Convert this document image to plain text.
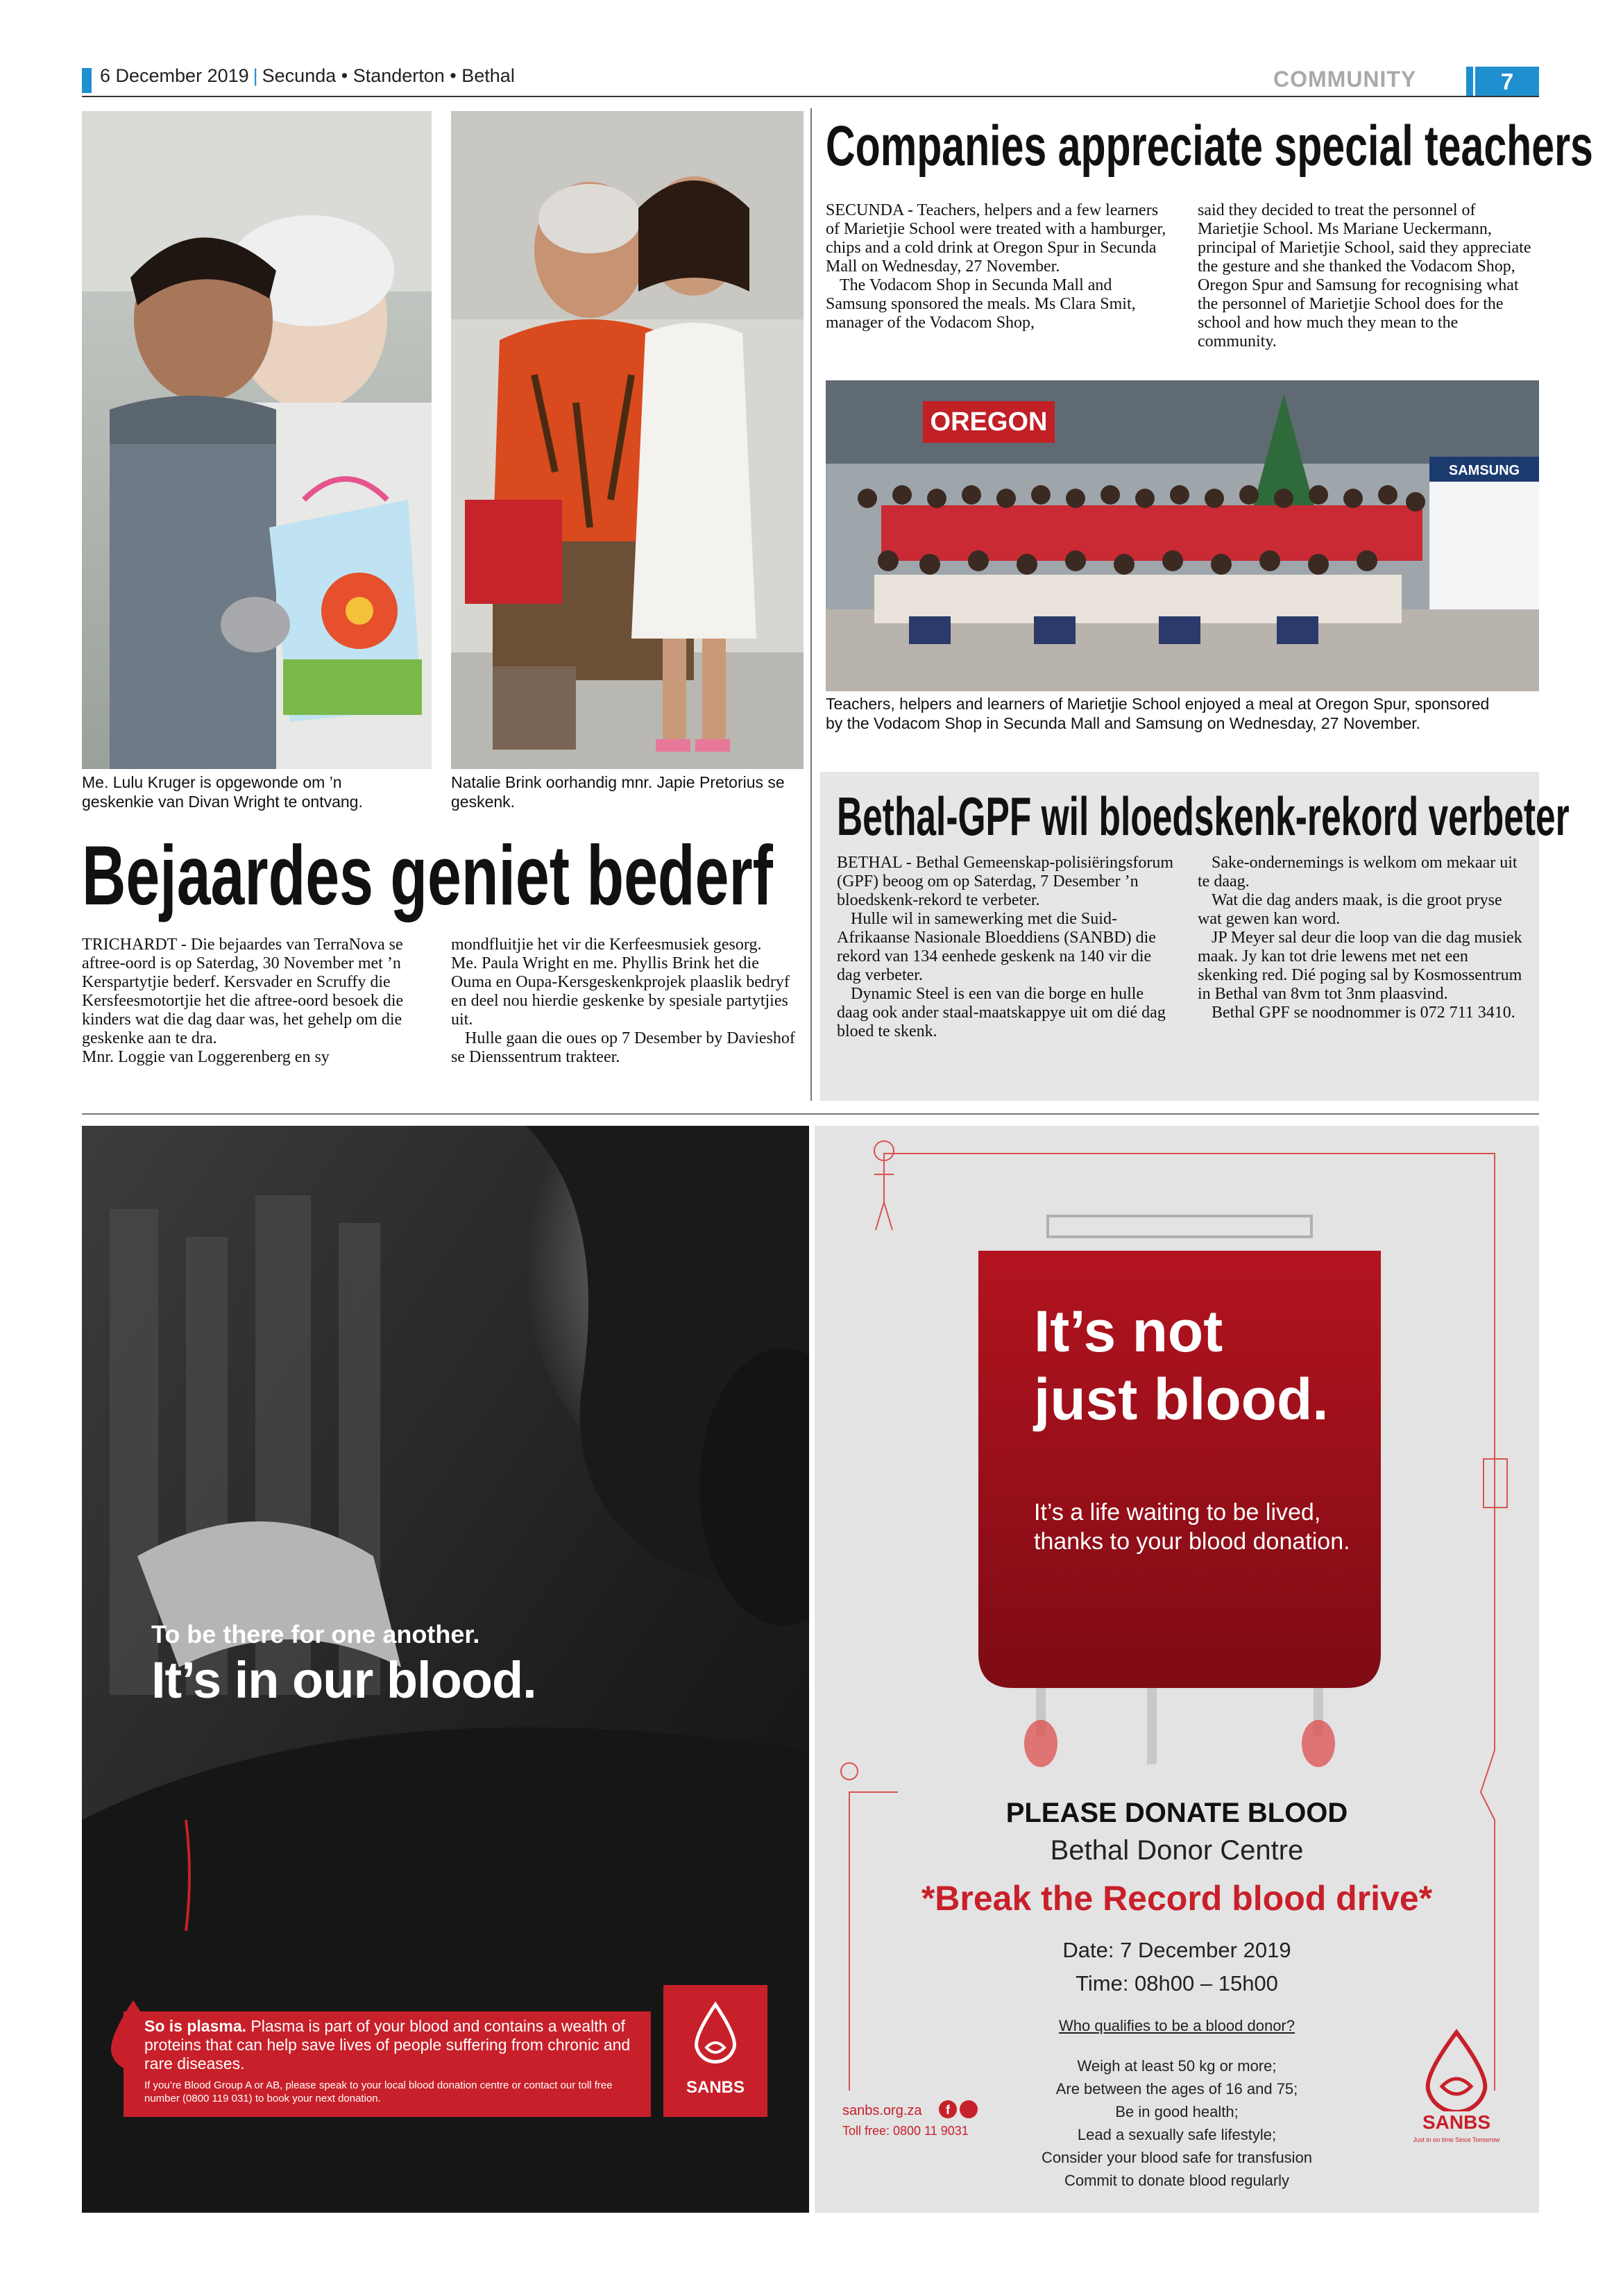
6 December 2019 | Secunda • Standerton • Bethal	COMMUNITY	7
Me. Lulu Kruger is opgewonde om ’n geskenkie van Divan Wright te ontvang.
Natalie Brink oorhandig mnr. Japie Pretorius se geskenk.
Companies appreciate special teachers

SECUNDA - Teachers, helpers and a few learners of Marietjie School were treated with a hamburger, chips and a cold drink at Oregon Spur in Secunda Mall on Wednesday, 27 November.

The Vodacom Shop in Secunda Mall and Samsung sponsored the meals. Ms Clara Smit, manager of the Vodacom Shop,

said they decided to treat the personnel of Marietjie School. Ms Mariane Ueckermann, principal of Marietjie School, said they appreciate the gesture and she thanked the Vodacom Shop, Oregon Spur and Samsung for recognising what the personnel of Marietjie School does for the school and how much they mean to the community.

OREGON
SAMSUNG
Teachers, helpers and learners of Marietjie School enjoyed a meal at Oregon Spur, sponsored by the Vodacom Shop in Secunda Mall and Samsung on Wednesday, 27 November.
Bejaardes geniet bederf

TRICHARDT - Die bejaardes van TerraNova se aftree-oord is op Saterdag, 30 November met ’n Kerspartytjie bederf. Kersvader en Scruffy die Kersfeesmotortjie het die aftree-oord besoek die kinders wat die dag daar was, het gehelp om die geskenke aan te dra.

Mnr. Loggie van Loggerenberg en sy

mondfluitjie het vir die Kerfeesmusiek gesorg.

Me. Paula Wright en me. Phyllis Brink het die Ouma en Oupa-Kersgeskenkprojek plaaslik bedryf en deel nou hierdie geskenke by spesiale partytjies uit.

Hulle gaan die oues op 7 Desember by Davieshof se Dienssentrum trakteer.

Bethal-GPF wil bloedskenk-rekord verbeter

BETHAL - Bethal Gemeenskap-polisiëringsforum (GPF) beoog om op Saterdag, 7 Desember ’n bloedskenk-rekord te verbeter.

Hulle wil in samewerking met die Suid-Afrikaanse Nasionale Bloeddiens (SANBD) die rekord van 134 eenhede geskenk na 140 vir die dag verbeter.

Dynamic Steel is een van die borge en hulle daag ook ander staal-maatskappye uit om dié dag bloed te skenk.

Sake-ondernemings is welkom om mekaar uit te daag.

Wat die dag anders maak, is die groot pryse wat gewen kan word.

JP Meyer sal deur die loop van die dag musiek maak. Jy kan tot drie lewens met net een skenking red. Dié poging sal by Kosmossentrum in Bethal van 8vm tot 3nm plaasvind.

Bethal GPF se noodnommer is 072 711 3410.

To be there for one another.
It’s in our blood.
So is plasma. Plasma is part of your blood and contains a wealth of proteins that can help save lives of people suffering from chronic and rare diseases.
If you’re Blood Group A or AB, please speak to your local blood donation centre or contact our toll free number (0800 119 031) to book your next donation.
SANBS
It’s not
just blood.
It’s a life waiting to be lived, thanks to your blood donation.
PLEASE DONATE BLOOD
Bethal Donor Centre
*Break the Record blood drive*
Date: 7 December 2019
Time: 08h00 – 15h00
Who qualifies to be a blood donor?
Weigh at least 50 kg or more;
Are between the ages of 16 and 75;
Be in good health;
Lead a sexually safe lifestyle;
Consider your blood safe for transfusion
Commit to donate blood regularly
sanbs.org.za f
Toll free: 0800 11 9031	SANBS
Just in on time Since Tomorrow
